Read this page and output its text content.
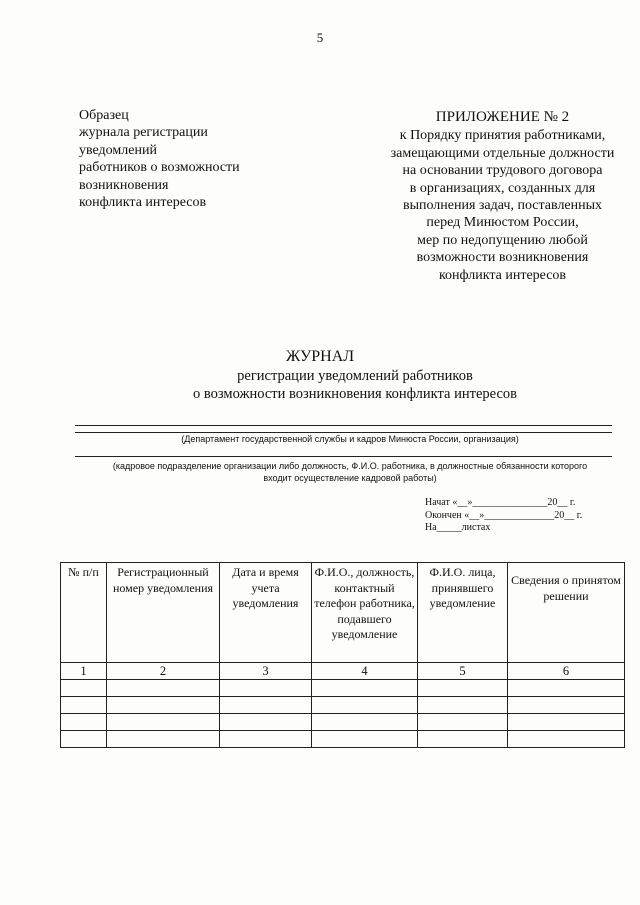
5
Образец
журнала регистрации
уведомлений
работников о возможности
возникновения
конфликта интересов
ПРИЛОЖЕНИЕ № 2
к Порядку принятия работниками,
замещающими отдельные должности
на основании трудового договора
в организациях, созданных для
выполнения задач, поставленных
перед Минюстом России,
мер по недопущению любой
возможности возникновения
конфликта интересов
ЖУРНАЛ
регистрации уведомлений работников
о возможности возникновения конфликта интересов
(Департамент государственной службы и кадров Минюста России, организация)
(кадровое подразделение организации либо должность, Ф.И.О. работника, в должностные обязанности которого
входит осуществление кадровой работы)
Начат «__»_______________20__ г.
Окончен «__»______________20__ г.
На_____листах
№ п/п	Регистрационный номер уведомления	Дата и время учета уведомления	Ф.И.О., должность, контактный телефон работника, подавшего уведомление	Ф.И.О. лица, принявшего уведомление	Сведения о принятом решении
1	2	3	4	5	6
